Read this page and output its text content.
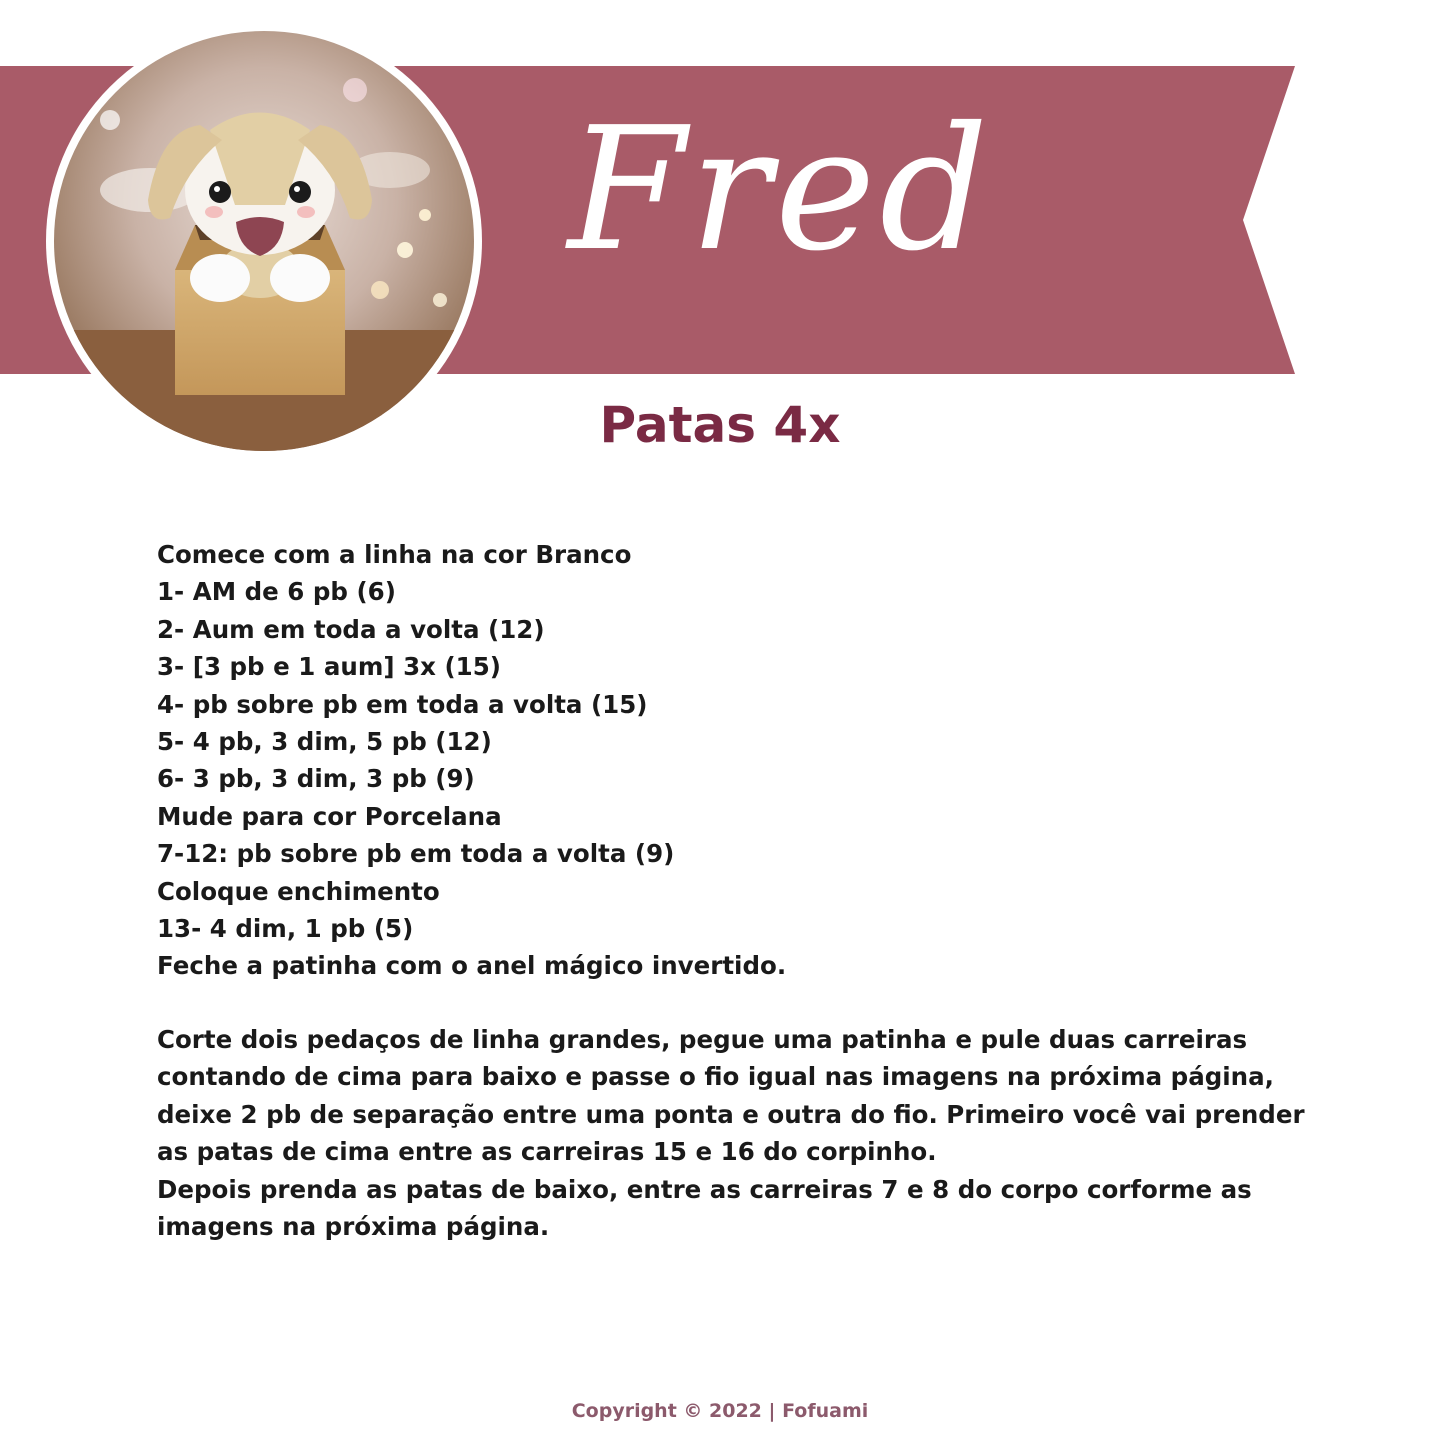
Fred
Patas 4x
Comece com a linha na cor Branco
1- AM de 6 pb (6)
2- Aum em toda a volta (12)
3- [3 pb e 1 aum] 3x (15)
4- pb sobre pb em toda a volta (15)
5- 4 pb, 3 dim, 5 pb (12)
6- 3 pb, 3 dim, 3 pb (9)
Mude para cor Porcelana
7-12: pb sobre pb em toda a volta (9)
Coloque enchimento
13- 4 dim, 1 pb (5)
Feche a patinha com o anel mágico invertido.

Corte dois pedaços de linha grandes, pegue uma patinha e pule duas carreiras contando de cima para baixo e passe o fio igual nas imagens na próxima página, deixe 2 pb de separação entre uma ponta e outra do fio. Primeiro você vai prender as patas de cima entre as carreiras 15 e 16 do corpinho.

Depois prenda as patas de baixo, entre as carreiras 7 e 8 do corpo corforme as imagens na próxima página.

Copyright © 2022 | Fofuami
